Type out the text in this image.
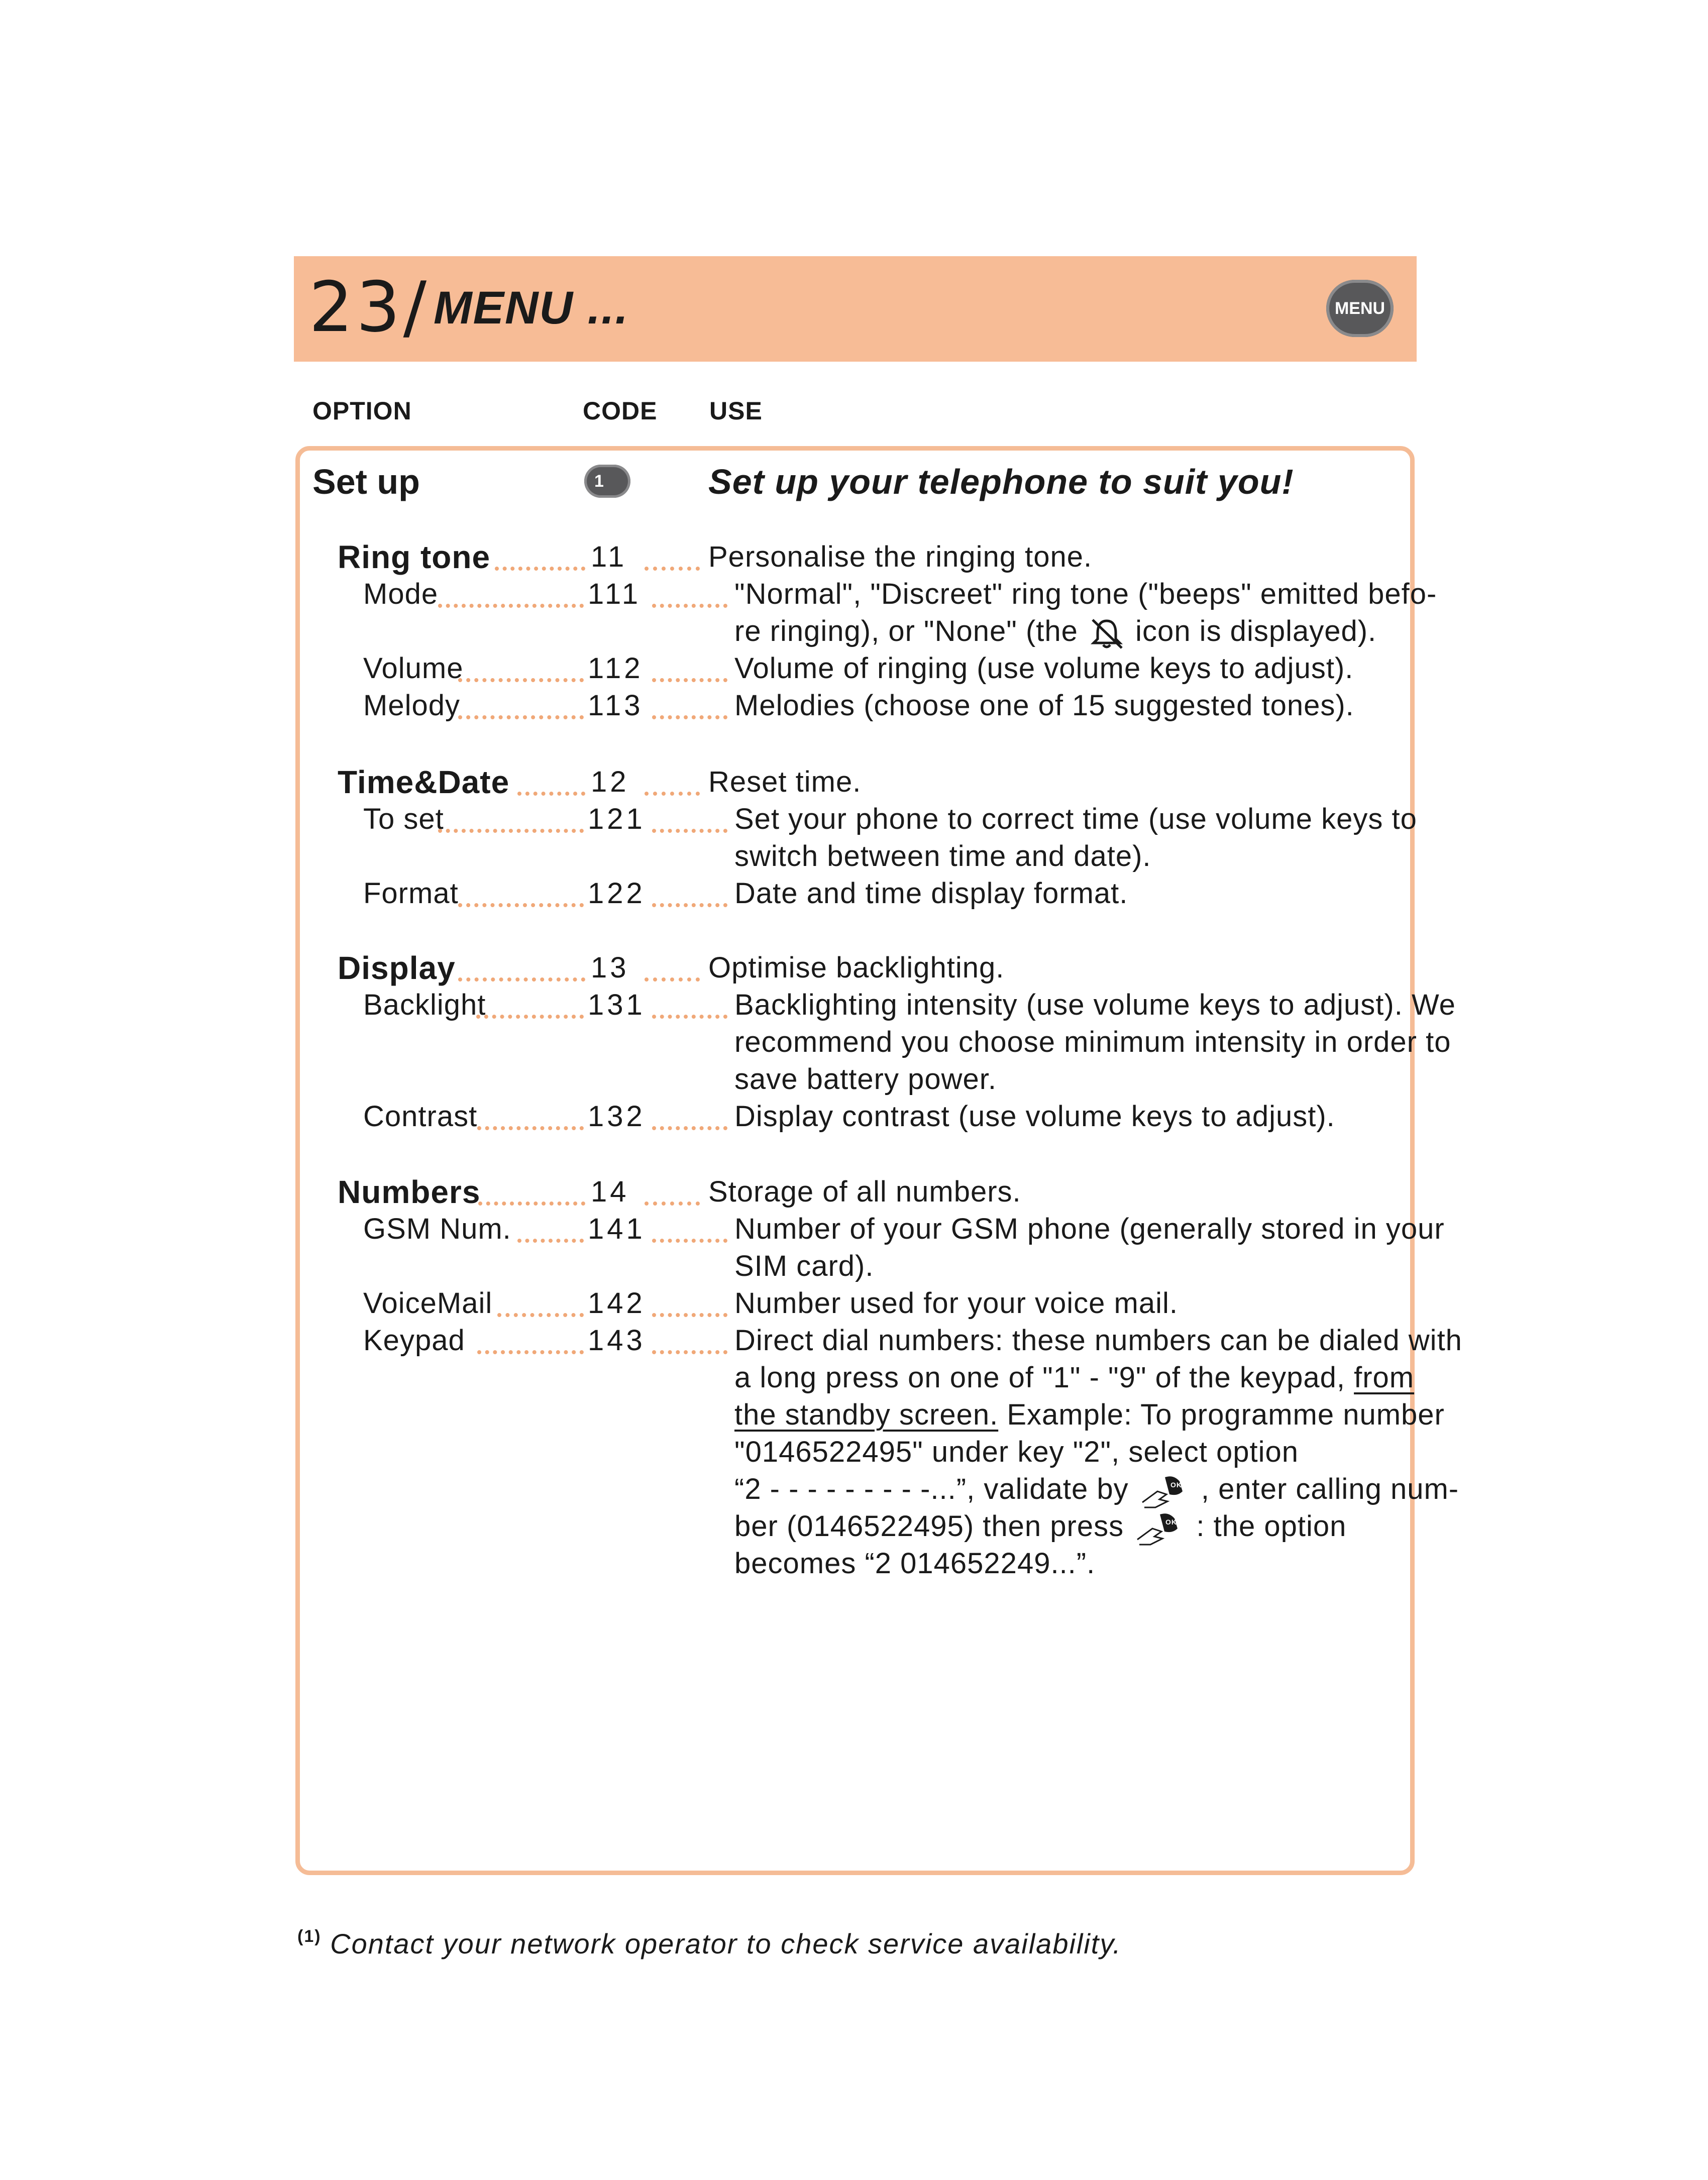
23/ MENU ...	MENU
OPTION	CODE USE
Set up	1	Set up your telephone to suit you!
Ring tone	11	Personalise the ringing tone.
Mode	111	"Normal", "Discreet" ring tone ("beeps" emitted befo-
re ringing), or "None" (the icon is displayed).
Volume	112	Volume of ringing (use volume keys to adjust).
Melody	113	Melodies (choose one of 15 suggested tones).
Time&Date	12	Reset time.
To set	121	Set your phone to correct time (use volume keys to
switch between time and date).
Format	122	Date and time display format.
Display	13	Optimise backlighting.
Backlight	131	Backlighting intensity (use volume keys to adjust). We
recommend you choose minimum intensity in order to
save battery power.
Contrast	132	Display contrast (use volume keys to adjust).
Numbers	14	Storage of all numbers.
GSM Num.	141	Number of your GSM phone (generally stored in your
SIM card).
VoiceMail	142	Number used for your voice mail.
Keypad	143	Direct dial numbers: these numbers can be dialed with
a long press on one of "1" - "9" of the keypad, from
the standby screen. Example: To programme number
"0146522495" under key "2", select option
“2 - - - - - - - - -...”, validate by	OK , enter calling num-
ber (0146522495) then press	OK : the option
becomes “2 014652249...”.
$^{(1)}$ Contact your network operator to check service availability.
